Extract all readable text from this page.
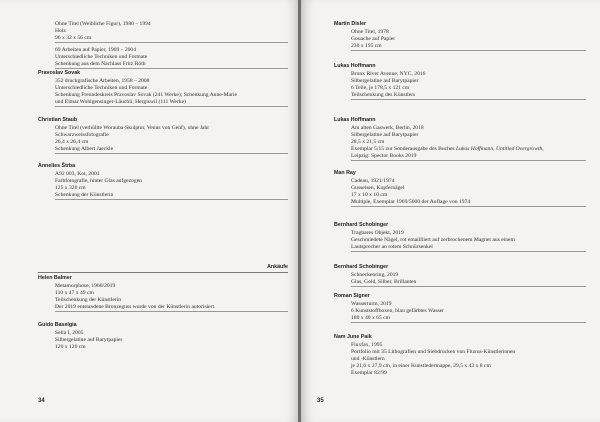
Ohne Titel (Weibliche Figur), 1980 – 1994
Holz
96 x 32 x 56 cm
69 Arbeiten auf Papier, 1969 – 2004
Unterschiedliche Techniken und Formate
Schenkung aus dem Nachlass Fritz Röth
Pravoslav Sovak
352 druckgrafische Arbeiten, 1958 – 2008
Unterschiedliche Techniken und Formate
Schenkung Freundeskreis Pravoslav Sovak (241 Werke); Schenkung Anne-Marie
und Elmar Wohlgensinger-Läuchli, Hergiswil (111 Werke)
Christian Staub
Ohne Titel (verhüllte Worauba-Skulptur, Venus von Genf), ohne Jahr
Schwarzweissfotografie
26,4 x 26,4 cm
Schenkung Albert Jaeckle
Annelies Štrba
A92 003, Koi, 2001
Farbfotografie, hinter Glas aufgezogen
125 x 320 cm
Schenkung der Künstlerin
Ankäufe
Helen Balmer
Metamorphose, 1960/2019
110 x 47 x 49 cm
Teilschenkung der Künstlerin
Der 2019 entstandene Bronzeguss wurde von der Künstlerin autorisiert.
Guido Baselgia
Sella I, 2005
Silbergelatine auf Barytpapier
120 x 120 cm
34
Martin Disler
Ohne Titel, 1978
Gouache auf Papier
230 x 195 cm
Lukas Hoffmann
Bronx River Avenue, NYC, 2016
Silbergelatine auf Barytpapier
6 Teile, je 178,5 x 121 cm
Teilschenkung des Künstlers
Lukas Hoffmann
Am alten Gaswerk, Berlin, 2018
Silbergelatine auf Barytpapier
28,5 x 21,5 cm
Exemplar 5/15 zur Sonderausgabe des Buches Lukas Hoffmann, Untitled Overgrowth,
Leipzig: Spector Books 2019
Man Ray
Cadeau, 1921/1974
Gusseisen, Kupfernägel
17 x 10 x 10 cm
Multiple, Exemplar 1969/5000 der Auflage von 1974
Bernhard Schobinger
Tragbares Objekt, 2019
Geschmiedete Nägel, rot emaillliert auf zerbrochenem Magnet aus einem
Lautsprecher an rotem Schnürsenkel
Bernhard Schobinger
Schneckenring, 2019
Glas, Gold, Silber, Brillanten
Roman Signer
Wasserturm, 2019
6 Kunststoffboxen, blau gefärbtes Wasser
180 x 40 x 65 cm
Nam June Paik
Fluxfax, 1995
Portfolio mit 35 Lithografien und Siebdrucken von Fluxus-Künstlerinnen
und -Künstlern
je 21,6 x 27,9 cm, in einer Kunstledermappe, 29,5 x 43 x 8 cm
Exemplar 82/99
35
